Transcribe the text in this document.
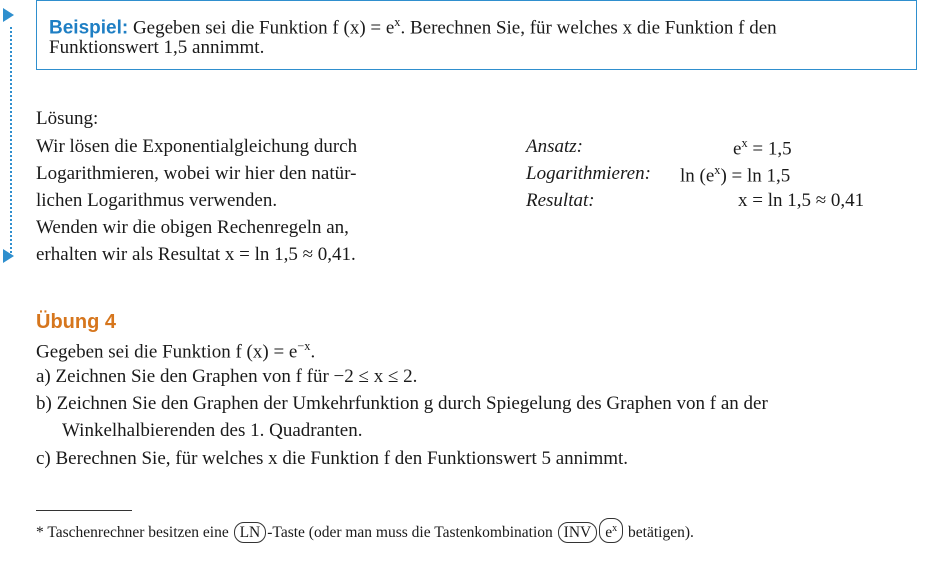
Beispiel: Gegeben sei die Funktion f $(x) = e^x$. Berechnen Sie, für welches x die Funktion f den
Funktionswert 1,5 annimmt.
Lösung:
Wir lösen die Exponentialgleichung durch
Logarithmieren, wobei wir hier den natür-
lichen Logarithmus verwenden.
Wenden wir die obigen Rechenregeln an,
erhalten wir als Resultat x = ln 1,5 ≈ 0,41.
Ansatz:	$e^x = 1,5$
Logarithmieren: $\ln (e^x) = \ln 1,5$
Resultat:	x = ln 1,5 ≈ 0,41
Übung 4
Gegeben sei die Funktion f $(x) = e^{-x}$.
a) Zeichnen Sie den Graphen von f für −2 ≤ x ≤ 2.
b) Zeichnen Sie den Graphen der Umkehrfunktion g durch Spiegelung des Graphen von f an der
Winkelhalbierenden des 1. Quadranten.
c) Berechnen Sie, für welches x die Funktion f den Funktionswert 5 annimmt.
* Taschenrechner besitzen eine LN -Taste (oder man muss die Tastenkombination INV $e^x$ betätigen).
